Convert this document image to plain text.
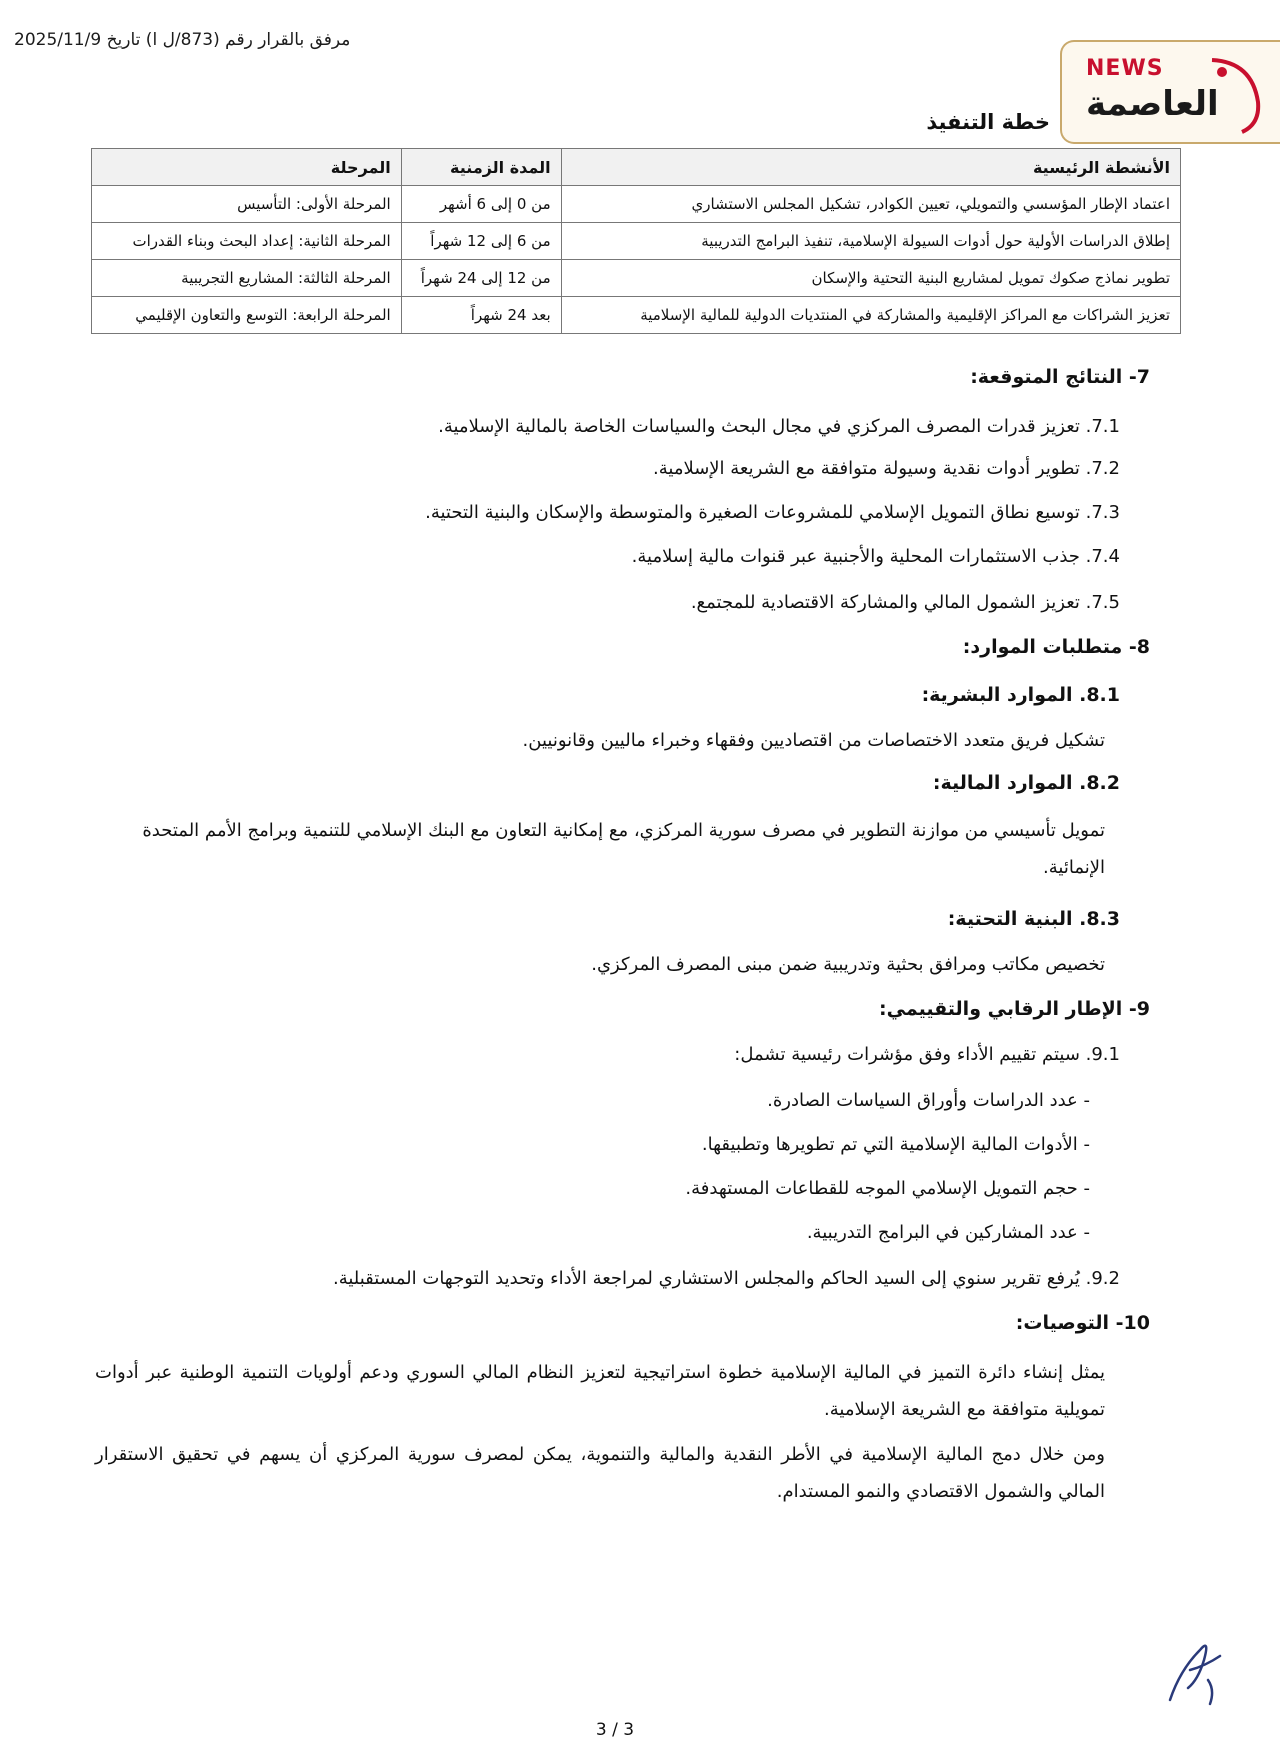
مرفق بالقرار رقم (873/ل ا) تاريخ 2025/11/9
NEWS
العاصمة
خطة التنفيذ
الأنشطة الرئيسية	المدة الزمنية	المرحلة
اعتماد الإطار المؤسسي والتمويلي، تعيين الكوادر، تشكيل المجلس الاستشاري	من 0 إلى 6 أشهر	المرحلة الأولى: التأسيس
إطلاق الدراسات الأولية حول أدوات السيولة الإسلامية، تنفيذ البرامج التدريبية	من 6 إلى 12 شهراً	المرحلة الثانية: إعداد البحث وبناء القدرات
تطوير نماذج صكوك تمويل لمشاريع البنية التحتية والإسكان	من 12 إلى 24 شهراً	المرحلة الثالثة: المشاريع التجريبية
تعزيز الشراكات مع المراكز الإقليمية والمشاركة في المنتديات الدولية للمالية الإسلامية	بعد 24 شهراً	المرحلة الرابعة: التوسع والتعاون الإقليمي
7- النتائج المتوقعة:
7.1. تعزيز قدرات المصرف المركزي في مجال البحث والسياسات الخاصة بالمالية الإسلامية.
7.2. تطوير أدوات نقدية وسيولة متوافقة مع الشريعة الإسلامية.
7.3. توسيع نطاق التمويل الإسلامي للمشروعات الصغيرة والمتوسطة والإسكان والبنية التحتية.
7.4. جذب الاستثمارات المحلية والأجنبية عبر قنوات مالية إسلامية.
7.5. تعزيز الشمول المالي والمشاركة الاقتصادية للمجتمع.
8- متطلبات الموارد:
8.1. الموارد البشرية:
تشكيل فريق متعدد الاختصاصات من اقتصاديين وفقهاء وخبراء ماليين وقانونيين.
8.2. الموارد المالية:
تمويل تأسيسي من موازنة التطوير في مصرف سورية المركزي، مع إمكانية التعاون مع البنك الإسلامي للتنمية وبرامج الأمم المتحدة الإنمائية.
8.3. البنية التحتية:
تخصيص مكاتب ومرافق بحثية وتدريبية ضمن مبنى المصرف المركزي.
9- الإطار الرقابي والتقييمي:
9.1. سيتم تقييم الأداء وفق مؤشرات رئيسية تشمل:
- عدد الدراسات وأوراق السياسات الصادرة.
- الأدوات المالية الإسلامية التي تم تطويرها وتطبيقها.
- حجم التمويل الإسلامي الموجه للقطاعات المستهدفة.
- عدد المشاركين في البرامج التدريبية.
9.2. يُرفع تقرير سنوي إلى السيد الحاكم والمجلس الاستشاري لمراجعة الأداء وتحديد التوجهات المستقبلية.
10- التوصيات:
يمثل إنشاء دائرة التميز في المالية الإسلامية خطوة استراتيجية لتعزيز النظام المالي السوري ودعم أولويات التنمية الوطنية عبر أدوات تمويلية متوافقة مع الشريعة الإسلامية.
ومن خلال دمج المالية الإسلامية في الأطر النقدية والمالية والتنموية، يمكن لمصرف سورية المركزي أن يسهم في تحقيق الاستقرار المالي والشمول الاقتصادي والنمو المستدام.
3 / 3
